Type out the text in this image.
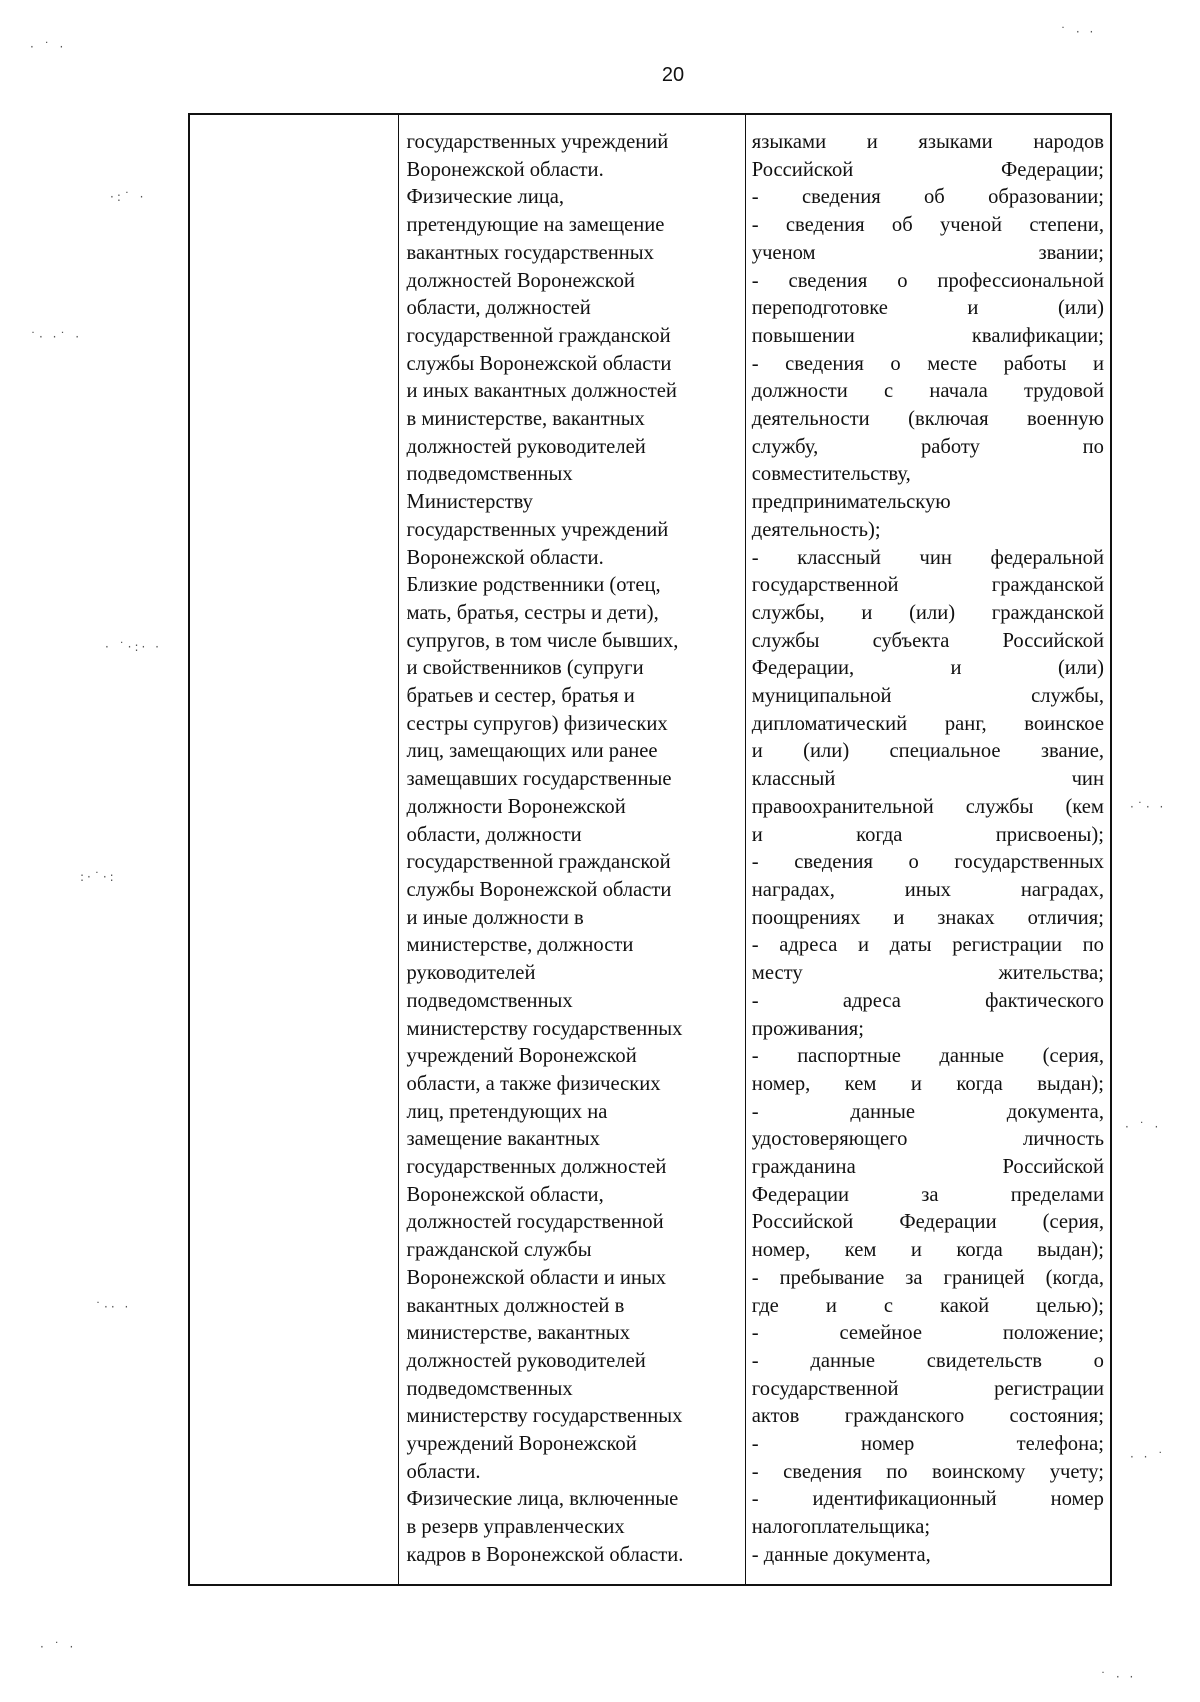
20
государственных учреждений
Воронежской области.
Физические лица,
претендующие на замещение
вакантных государственных
должностей Воронежской
области, должностей
государственной гражданской
службы Воронежской области
и иных вакантных должностей
в министерстве, вакантных
должностей руководителей
подведомственных
Министерству
государственных учреждений
Воронежской области.
Близкие родственники (отец,
мать, братья, сестры и дети),
супругов, в том числе бывших,
и свойственников (супруги
братьев и сестер, братья и
сестры супругов) физических
лиц, замещающих или ранее
замещавших государственные
должности Воронежской
области, должности
государственной гражданской
службы Воронежской области
и иные должности в
министерстве, должности
руководителей
подведомственных
министерству государственных
учреждений Воронежской
области, а также физических
лиц, претендующих на
замещение вакантных
государственных должностей
Воронежской области,
должностей государственной
гражданской службы
Воронежской области и иных
вакантных должностей в
министерстве, вакантных
должностей руководителей
подведомственных
министерству государственных
учреждений Воронежской
области.
Физические лица, включенные
в резерв управленческих
кадров в Воронежской области.
языками и языками народов
Российской Федерации;
- сведения об образовании;
- сведения об ученой степени,
ученом звании;
- сведения о профессиональной
переподготовке и (или)
повышении квалификации;
- сведения о месте работы и
должности с начала трудовой
деятельности (включая военную
службу, работу по
совместительству,
предпринимательскую
деятельность);
- классный чин федеральной
государственной гражданской
службы, и (или) гражданской
службы субъекта Российской
Федерации, и (или)
муниципальной службы,
дипломатический ранг, воинское
и (или) специальное звание,
классный чин
правоохранительной службы (кем
и когда присвоены);
- сведения о государственных
наградах, иных наградах,
поощрениях и знаках отличия;
- адреса и даты регистрации по
месту жительства;
- адреса фактического
проживания;
- паспортные данные (серия,
номер, кем и когда выдан);
- данные документа,
удостоверяющего личность
гражданина Российской
Федерации за пределами
Российской Федерации (серия,
номер, кем и когда выдан);
- пребывание за границей (когда,
где и с какой целью);
- семейное положение;
- данные свидетельств о
государственной регистрации
актов гражданского состояния;
- номер телефона;
- сведения по воинскому учету;
- идентификационный номер
налогоплательщика;
- данные документа,
· ˙ ·
˙ · ·
·:˙ ·
˙· ·˙ ·
· ˙·:· ·
:·˙·:
·˙· ·
· ˙ ·
˙·· ·
· · ˙
· ˙ ·
˙ · ·
